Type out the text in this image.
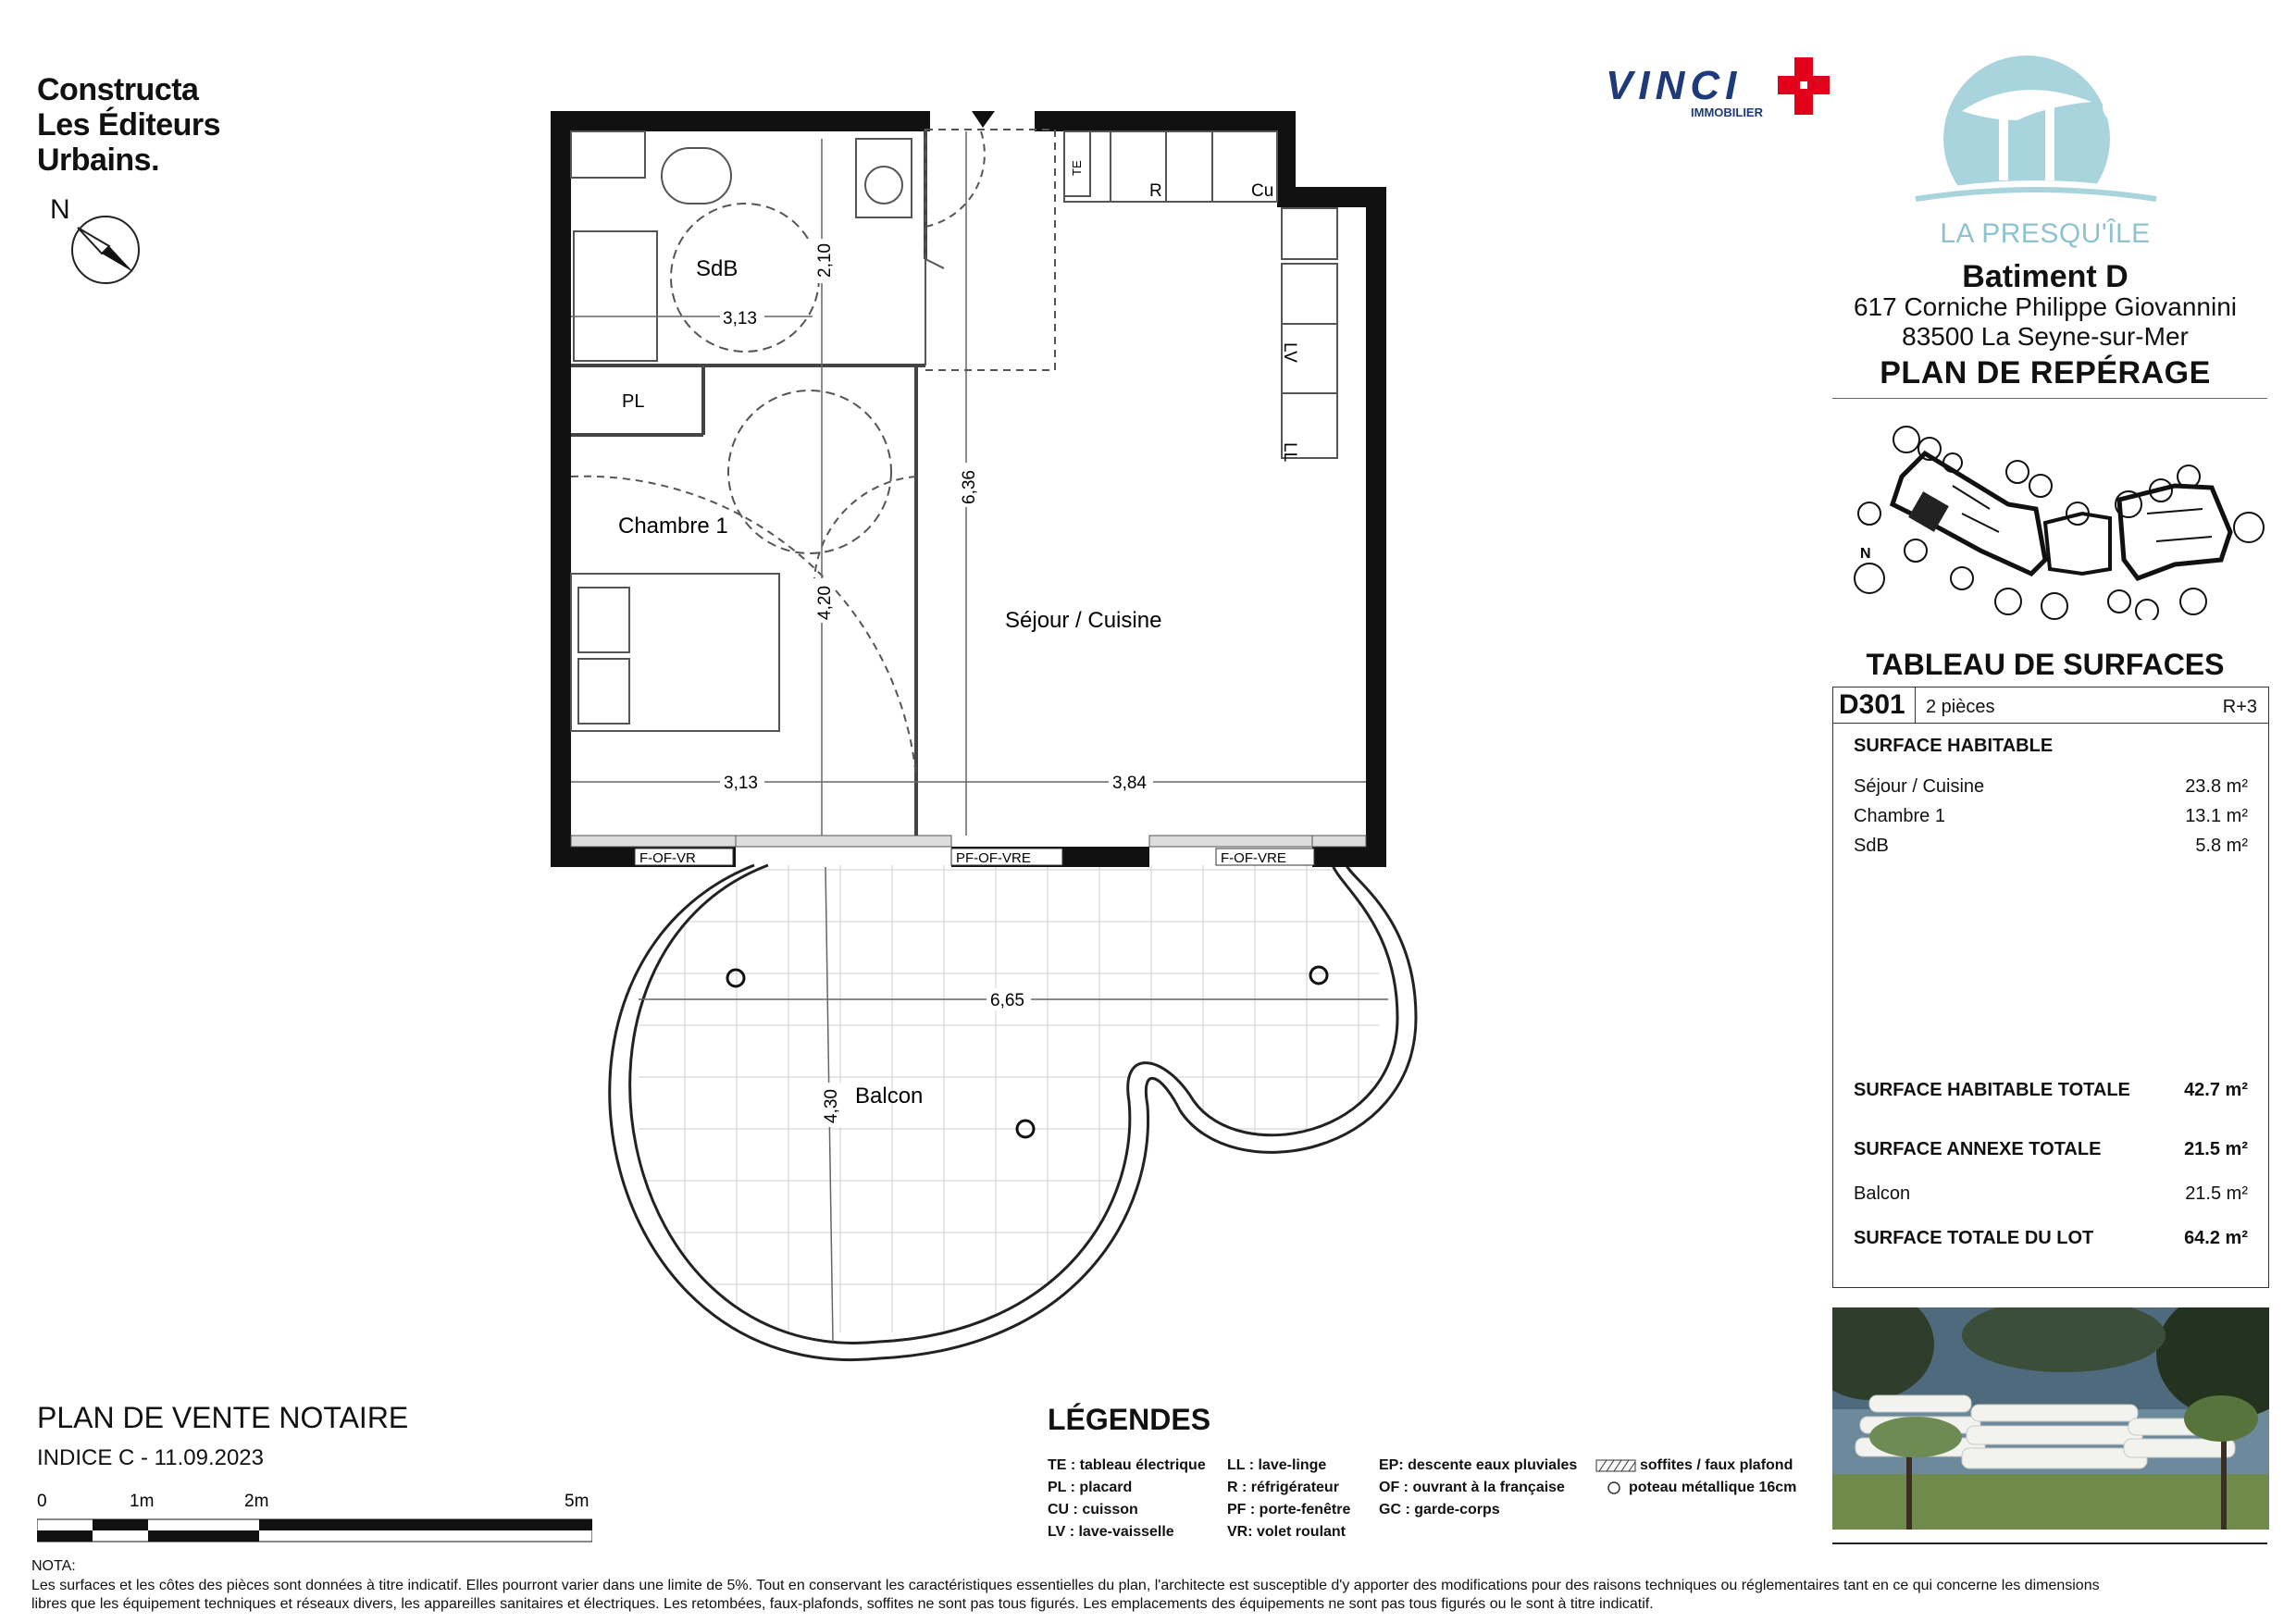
Constructa
Les Éditeurs
Urbains.
N
SdB
PL
Chambre 1
Séjour / Cuisine
Balcon
TE
R	Cu
LV
LL
3,13
2,10
4,20
6,36
3,13	3,84
6,65
4,30
F-OF-VR	PF-OF-VRE	F-OF-VRE
VINCI
IMMOBILIER
LA PRESQU'ÎLE
Batiment D
617 Corniche Philippe Giovannini
83500 La Seyne-sur-Mer
PLAN DE REPÉRAGE
N
TABLEAU DE SURFACES
D301 2 pièces	R+3
SURFACE HABITABLE
Séjour / Cuisine	23.8 m²
Chambre 1	13.1 m²
SdB	5.8 m²
SURFACE HABITABLE TOTALE	42.7 m²
SURFACE ANNEXE TOTALE	21.5 m²
Balcon	21.5 m²
SURFACE TOTALE DU LOT	64.2 m²
PLAN DE VENTE NOTAIRE
INDICE C - 11.09.2023
0	1m	2m	5m
LÉGENDES
TE : tableau électrique
PL : placard
CU : cuisson
LV : lave-vaisselle
LL : lave-linge
R : réfrigérateur
PF : porte-fenêtre
VR: volet roulant
EP: descente eaux pluviales
OF : ouvrant à la française
GC : garde-corps
soffites / faux plafond
poteau métallique 16cm
NOTA:
Les surfaces et les côtes des pièces sont données à titre indicatif. Elles pourront varier dans une limite de 5%. Tout en conservant les caractéristiques essentielles du plan, l'architecte est susceptible d'y apporter des modifications pour des raisons techniques ou réglementaires tant en ce qui concerne les dimensions
libres que les équipement techniques et réseaux divers, les appareilles sanitaires et électriques. Les retombées, faux-plafonds, soffites ne sont pas tous figurés. Les emplacements des équipements ne sont pas tous figurés ou le sont à titre indicatif.
